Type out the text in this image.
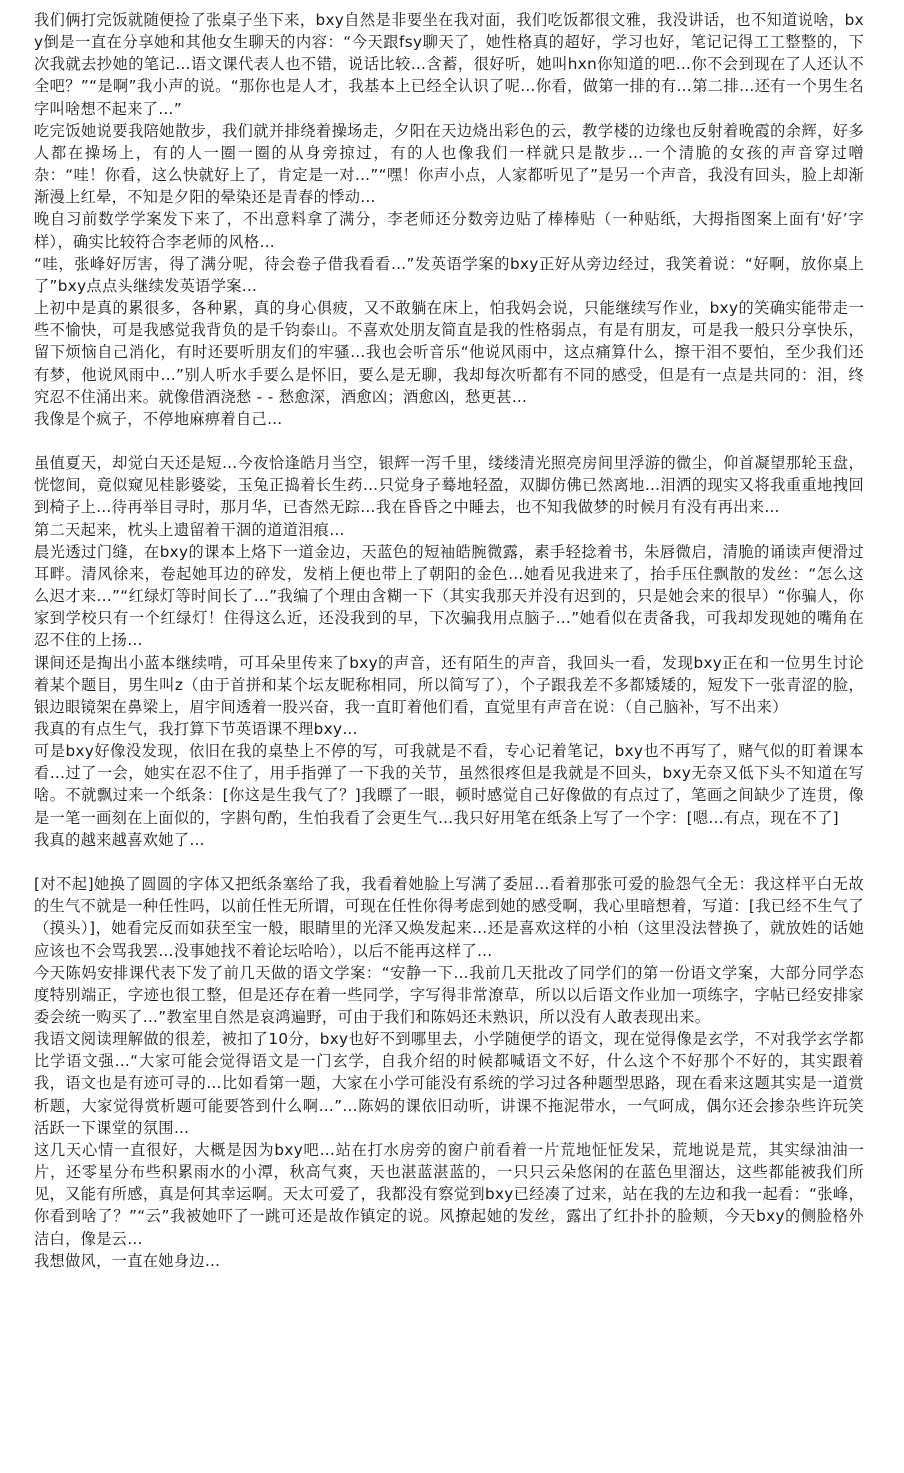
我们俩打完饭就随便捡了张桌子坐下来，bxy自然是非要坐在我对面，我们吃饭都很文雅，我没讲话，也不知道说啥，bxy倒是一直在分享她和其他女生聊天的内容：“今天跟fsy聊天了，她性格真的超好，学习也好，笔记记得工工整整的，下次我就去抄她的笔记…语文课代表人也不错，说话比较…含蓄，很好听，她叫hxn你知道的吧…你不会到现在了人还认不全吧？”“是啊”我小声的说。“那你也是人才，我基本上已经全认识了呢…你看，做第一排的有…第二排…还有一个男生名字叫啥想不起来了…”

吃完饭她说要我陪她散步，我们就并排绕着操场走，夕阳在天边烧出彩色的云，教学楼的边缘也反射着晚霞的余辉，好多人都在操场上，有的人一圈一圈的从身旁掠过，有的人也像我们一样就只是散步…一个清脆的女孩的声音穿过噌杂：“哇！你看，这么快就好上了，肯定是一对…”“嘿！你声小点，人家都听见了”是另一个声音，我没有回头，脸上却渐渐漫上红晕，不知是夕阳的晕染还是青春的悸动…

晚自习前数学学案发下来了，不出意料拿了满分，李老师还分数旁边贴了棒棒贴（一种贴纸，大拇指图案上面有‘好’字样），确实比较符合李老师的风格…

“哇，张峰好厉害，得了满分呢，待会卷子借我看看…”发英语学案的bxy正好从旁边经过，我笑着说：“好啊，放你桌上了”bxy点点头继续发英语学案…

上初中是真的累很多，各种累，真的身心俱疲，又不敢躺在床上，怕我妈会说，只能继续写作业，bxy的笑确实能带走一些不愉快，可是我感觉我背负的是千钧泰山。不喜欢处朋友简直是我的性格弱点，有是有朋友，可是我一般只分享快乐，留下烦恼自己消化，有时还要听朋友们的牢骚…我也会听音乐“他说风雨中，这点痛算什么，擦干泪不要怕，至少我们还有梦，他说风雨中…”别人听水手要么是怀旧，要么是无聊，我却每次听都有不同的感受，但是有一点是共同的：泪，终究忍不住涌出来。就像借酒浇愁 - - 愁愈深，酒愈凶；酒愈凶，愁更甚…

我像是个疯子，不停地麻痹着自己…

虽值夏天，却觉白天还是短…今夜恰逢皓月当空，银辉一泻千里，缕缕清光照亮房间里浮游的微尘，仰首凝望那轮玉盘，恍惚间，竟似窥见桂影婆娑，玉兔正捣着长生药…只觉身子蓦地轻盈，双脚仿佛已然离地…泪洒的现实又将我重重地拽回到椅子上…待再举目寻时，那月华，已杳然无踪…我在昏昏之中睡去，也不知我做梦的时候月有没有再出来…

第二天起来，枕头上遗留着干涸的道道泪痕…

晨光透过门缝，在bxy的课本上烙下一道金边，天蓝色的短袖皓腕微露，素手轻捻着书，朱唇微启，清脆的诵读声便滑过耳畔。清风徐来，卷起她耳边的碎发，发梢上便也带上了朝阳的金色…她看见我进来了，抬手压住飘散的发丝：“怎么这么迟才来…”“红绿灯等时间长了…”我编了个理由含糊一下（其实我那天并没有迟到的，只是她会来的很早）“你骗人，你家到学校只有一个红绿灯！住得这么近，还没我到的早，下次骗我用点脑子…”她看似在责备我，可我却发现她的嘴角在忍不住的上扬…

课间还是掏出小蓝本继续啃，可耳朵里传来了bxy的声音，还有陌生的声音，我回头一看，发现bxy正在和一位男生讨论着某个题目，男生叫z（由于首拼和某个坛友昵称相同，所以简写了），个子跟我差不多都矮矮的，短发下一张青涩的脸，银边眼镜架在鼻梁上，眉宇间透着一股兴奋，我一直盯着他们看，直觉里有声音在说：（自己脑补，写不出来）

我真的有点生气，我打算下节英语课不理bxy…

可是bxy好像没发现，依旧在我的桌垫上不停的写，可我就是不看，专心记着笔记，bxy也不再写了，赌气似的盯着课本看…过了一会，她实在忍不住了，用手指弹了一下我的关节，虽然很疼但是我就是不回头，bxy无奈又低下头不知道在写啥。不就飘过来一个纸条：[你这是生我气了？]我瞟了一眼，顿时感觉自己好像做的有点过了，笔画之间缺少了连贯，像是一笔一画刻在上面似的，字斟句酌，生怕我看了会更生气…我只好用笔在纸条上写了一个字：[嗯…有点，现在不了]

我真的越来越喜欢她了…

[对不起]她换了圆圆的字体又把纸条塞给了我，我看着她脸上写满了委屈…看着那张可爱的脸怨气全无：我这样平白无故的生气不就是一种任性吗，以前任性无所谓，可现在任性你得考虑到她的感受啊，我心里暗想着，写道：[我已经不生气了（摸头）]，她看完反而如获至宝一般，眼睛里的光泽又焕发起来…还是喜欢这样的小柏（这里没法替换了，就放姓的话她应该也不会骂我罢…没事她找不着论坛哈哈），以后不能再这样了…

今天陈妈安排课代表下发了前几天做的语文学案：“安静一下…我前几天批改了同学们的第一份语文学案，大部分同学态度特别端正，字迹也很工整，但是还存在着一些同学，字写得非常潦草，所以以后语文作业加一项练字，字帖已经安排家委会统一购买了…”教室里自然是哀鸿遍野，可由于我们和陈妈还未熟识，所以没有人敢表现出来。

我语文阅读理解做的很差，被扣了10分，bxy也好不到哪里去，小学随便学的语文，现在觉得像是玄学，不对我学玄学都比学语文强…“大家可能会觉得语文是一门玄学，自我介绍的时候都喊语文不好，什么这个不好那个不好的，其实跟着我，语文也是有迹可寻的…比如看第一题，大家在小学可能没有系统的学习过各种题型思路，现在看来这题其实是一道赏析题，大家觉得赏析题可能要答到什么啊…”…陈妈的课依旧动听，讲课不拖泥带水，一气呵成，偶尔还会掺杂些许玩笑活跃一下课堂的氛围…

这几天心情一直很好，大概是因为bxy吧…站在打水房旁的窗户前看着一片荒地怔怔发呆，荒地说是荒，其实绿油油一片，还零星分布些积累雨水的小潭，秋高气爽，天也湛蓝湛蓝的，一只只云朵悠闲的在蓝色里溜达，这些都能被我们所见，又能有所感，真是何其幸运啊。天太可爱了，我都没有察觉到bxy已经凑了过来，站在我的左边和我一起看：“张峰，你看到啥了？”“云”我被她吓了一跳可还是故作镇定的说。风撩起她的发丝，露出了红扑扑的脸颊，今天bxy的侧脸格外洁白，像是云…

我想做风，一直在她身边…
